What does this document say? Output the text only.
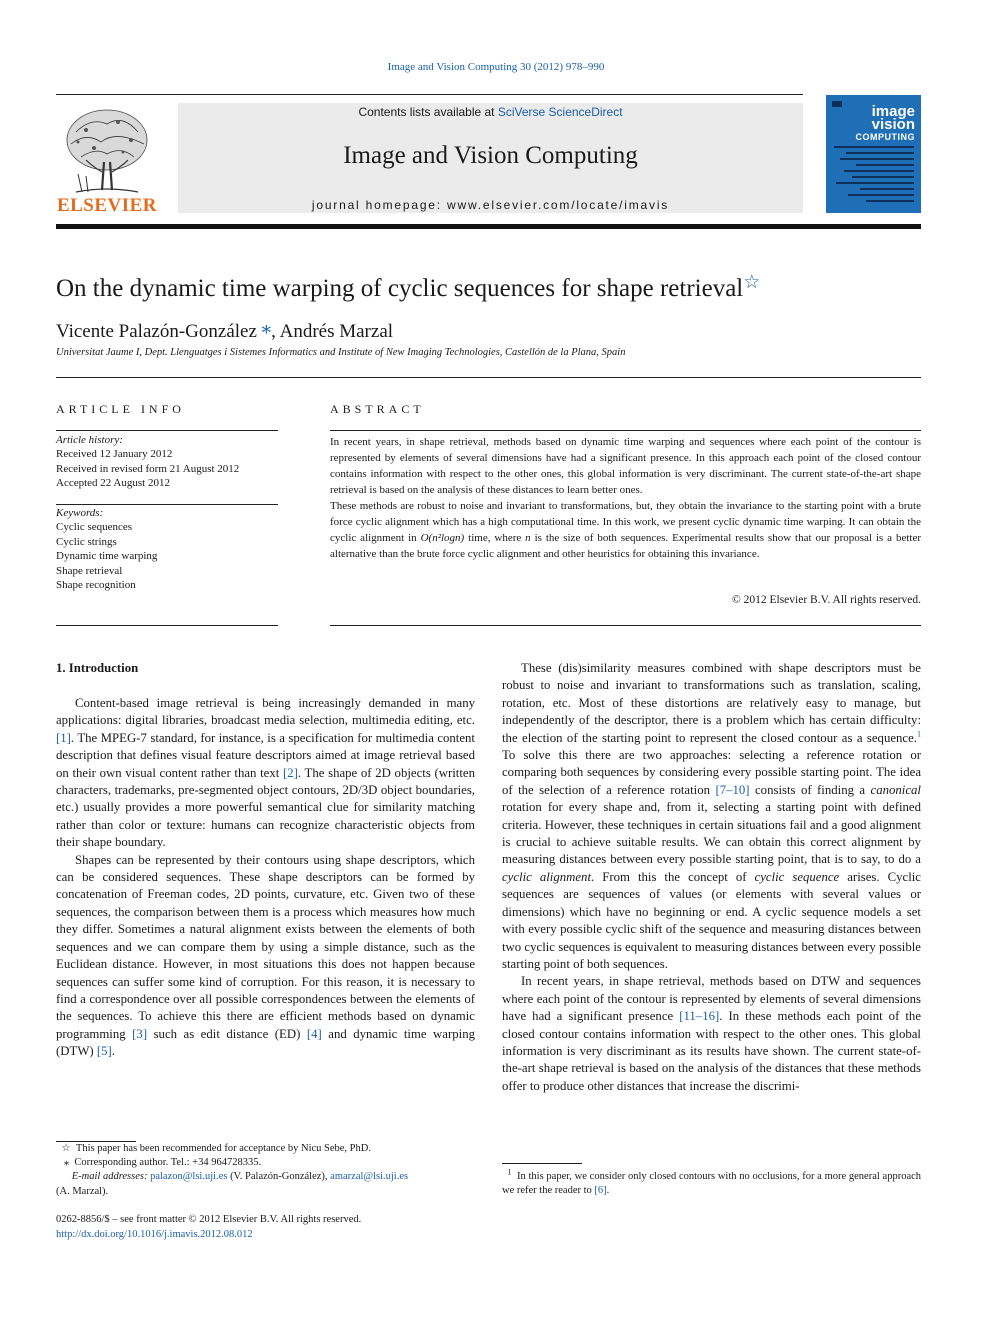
Image and Vision Computing 30 (2012) 978–990
ELSEVIER
Contents lists available at SciVerse ScienceDirect
Image and Vision Computing
journal homepage: www.elsevier.com/locate/imavis
image
vision
COMPUTING
On the dynamic time warping of cyclic sequences for shape retrieval☆
Vicente Palazón-González ⁎, Andrés Marzal
Universitat Jaume I, Dept. Llenguatges i Sistemes Informatics and Institute of New Imaging Technologies, Castellón de la Plana, Spain
ARTICLE INFO	ABSTRACT
Article history:
Received 12 January 2012
Received in revised form 21 August 2012
Accepted 22 August 2012
Keywords:
Cyclic sequences
Cyclic strings
Dynamic time warping
Shape retrieval
Shape recognition

In recent years, in shape retrieval, methods based on dynamic time warping and sequences where each point of the contour is represented by elements of several dimensions have had a significant presence. In this approach each point of the closed contour contains information with respect to the other ones, this global information is very discriminant. The current state-of-the-art shape retrieval is based on the analysis of these distances to learn better ones.

These methods are robust to noise and invariant to transformations, but, they obtain the invariance to the starting point with a brute force cyclic alignment which has a high computational time. In this work, we present cyclic dynamic time warping. It can obtain the cyclic alignment in O(n²logn) time, where n is the size of both sequences. Experimental results show that our proposal is a better alternative than the brute force cyclic alignment and other heuristics for obtaining this invariance.

© 2012 Elsevier B.V. All rights reserved.
1. Introduction

Content-based image retrieval is being increasingly demanded in many applications: digital libraries, broadcast media selection, multimedia editing, etc. [1]. The MPEG-7 standard, for instance, is a specification for multimedia content description that defines visual feature descriptors aimed at image retrieval based on their own visual content rather than text [2]. The shape of 2D objects (written characters, trademarks, pre-segmented object contours, 2D/3D object boundaries, etc.) usually provides a more powerful semantical clue for similarity matching rather than color or texture: humans can recognize characteristic objects from their shape boundary.

Shapes can be represented by their contours using shape descriptors, which can be considered sequences. These shape descriptors can be formed by concatenation of Freeman codes, 2D points, curvature, etc. Given two of these sequences, the comparison between them is a process which measures how much they differ. Sometimes a natural alignment exists between the elements of both sequences and we can compare them by using a simple distance, such as the Euclidean distance. However, in most situations this does not happen because sequences can suffer some kind of corruption. For this reason, it is necessary to find a correspondence over all possible correspondences between the elements of the sequences. To achieve this there are efficient methods based on dynamic programming [3] such as edit distance (ED) [4] and dynamic time warping (DTW) [5].

These (dis)similarity measures combined with shape descriptors must be robust to noise and invariant to transformations such as translation, scaling, rotation, etc. Most of these distortions are relatively easy to manage, but independently of the descriptor, there is a problem which has certain difficulty: the election of the starting point to represent the closed contour as a sequence.$^1$ To solve this there are two approaches: selecting a reference rotation or comparing both sequences by considering every possible starting point. The idea of the selection of a reference rotation [7–10] consists of finding a canonical rotation for every shape and, from it, selecting a starting point with defined criteria. However, these techniques in certain situations fail and a good alignment is crucial to achieve suitable results. We can obtain this correct alignment by measuring distances between every possible starting point, that is to say, to do a cyclic alignment. From this the concept of cyclic sequence arises. Cyclic sequences are sequences of values (or elements with several values or dimensions) which have no beginning or end. A cyclic sequence models a set with every possible cyclic shift of the sequence and measuring distances between two cyclic sequences is equivalent to measuring distances between every possible starting point of both sequences.

In recent years, in shape retrieval, methods based on DTW and sequences where each point of the contour is represented by elements of several dimensions have had a significant presence [11–16]. In these methods each point of the closed contour contains information with respect to the other ones. This global information is very discriminant as its results have shown. The current state-of-the-art shape retrieval is based on the analysis of the distances that these methods offer to produce other distances that increase the discrimi-

☆ This paper has been recommended for acceptance by Nicu Sebe, PhD.
⁎ Corresponding author. Tel.: +34 964728335.
E-mail addresses: palazon@lsi.uji.es (V. Palazón-González), amarzal@lsi.uji.es
(A. Marzal).
$^1$ In this paper, we consider only closed contours with no occlusions, for a more general approach we refer the reader to [6].
0262-8856/$ – see front matter © 2012 Elsevier B.V. All rights reserved.
http://dx.doi.org/10.1016/j.imavis.2012.08.012
